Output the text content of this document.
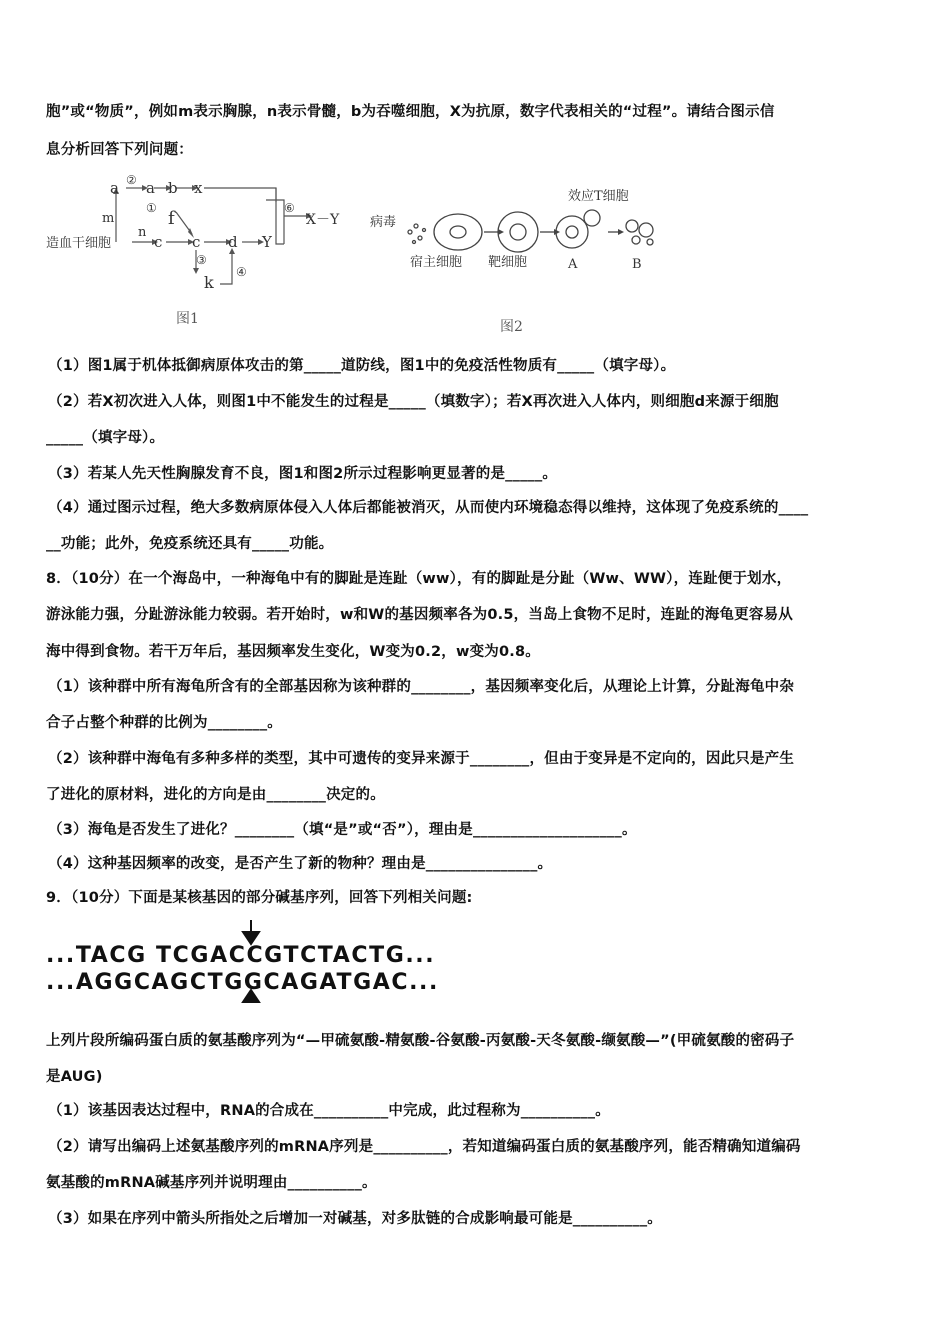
胞”或“物质”，例如m表示胸腺，n表示骨髓，b为吞噬细胞，X为抗原，数字代表相关的“过程”。请结合图示信
息分析回答下列问题：
a ② a b x
① f
m
造血干细胞
n
c c d Y
③
④
k
⑥
X－Y
图1
病毒
宿主细胞 靶细胞	A	B
效应T细胞
图2
（1）图1属于机体抵御病原体攻击的第_____道防线，图1中的免疫活性物质有_____（填字母）。
（2）若X初次进入人体，则图1中不能发生的过程是_____（填数字）；若X再次进入人体内，则细胞d来源于细胞
_____（填字母）。
（3）若某人先天性胸腺发育不良，图1和图2所示过程影响更显著的是_____。
（4）通过图示过程，绝大多数病原体侵入人体后都能被消灭，从而使内环境稳态得以维持，这体现了免疫系统的____
__功能；此外，免疫系统还具有_____功能。
8．（10分）在一个海岛中，一种海龟中有的脚趾是连趾（ww），有的脚趾是分趾（Ww、WW），连趾便于划水，
游泳能力强，分趾游泳能力较弱。若开始时，w和W的基因频率各为0.5，当岛上食物不足时，连趾的海龟更容易从
海中得到食物。若干万年后，基因频率发生变化，W变为0.2，w变为0.8。
（1）该种群中所有海龟所含有的全部基因称为该种群的________，基因频率变化后，从理论上计算，分趾海龟中杂
合子占整个种群的比例为________。
（2）该种群中海龟有多种多样的类型，其中可遗传的变异来源于________，但由于变异是不定向的，因此只是产生
了进化的原材料，进化的方向是由________决定的。
（3）海龟是否发生了进化？________（填“是”或“否”），理由是____________________。
（4）这种基因频率的改变，是否产生了新的物种？理由是_______________。
9．（10分）下面是某核基因的部分碱基序列，回答下列相关问题:
...TACG TCGACCGTCTACTG...
...AGGCAGCTGGCAGATGAC...
上列片段所编码蛋白质的氨基酸序列为“—甲硫氨酸-精氨酸-谷氨酸-丙氨酸-天冬氨酸-缬氨酸—”(甲硫氨酸的密码子
是AUG)
（1）该基因表达过程中，RNA的合成在__________中完成，此过程称为__________。
（2）请写出编码上述氨基酸序列的mRNA序列是__________，若知道编码蛋白质的氨基酸序列，能否精确知道编码
氨基酸的mRNA碱基序列并说明理由__________。
（3）如果在序列中箭头所指处之后增加一对碱基，对多肽链的合成影响最可能是__________。
